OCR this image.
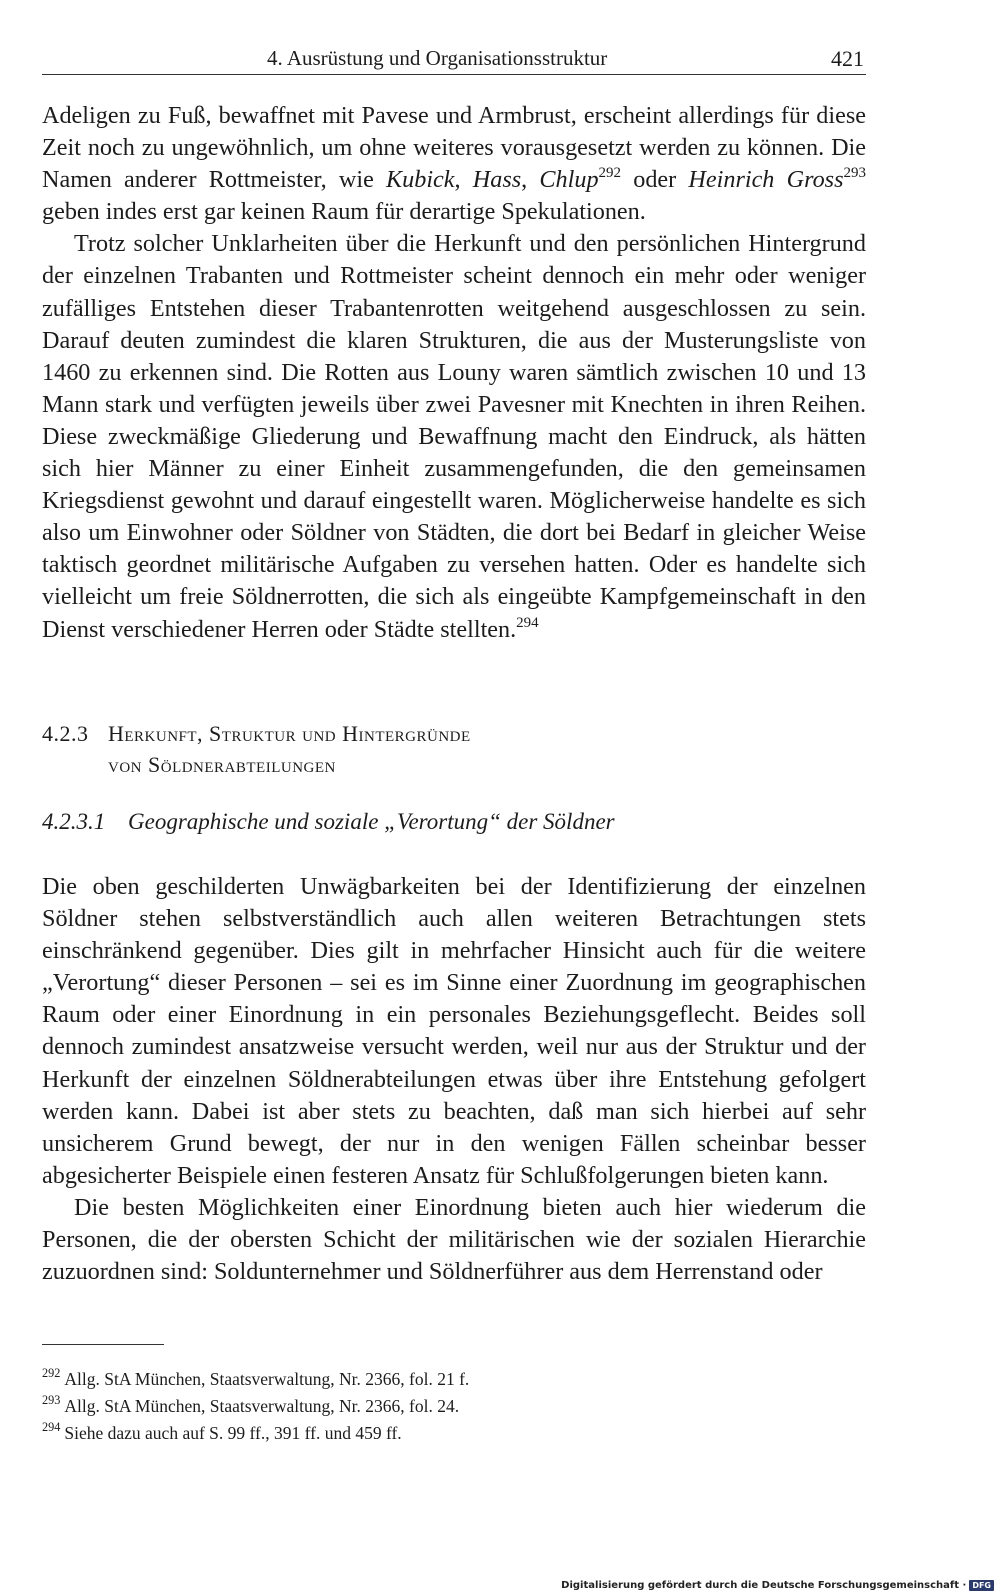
4. Ausrüstung und Organisationsstruktur	421

Adeligen zu Fuß, bewaffnet mit Pavese und Armbrust, erscheint allerdings für diese Zeit noch zu ungewöhnlich, um ohne weiteres vorausgesetzt werden zu können. Die Namen anderer Rottmeister, wie Kubick, Hass, Chlup$^{292}$ oder Heinrich Gross$^{293}$ geben indes erst gar keinen Raum für derartige Spekulationen.

Trotz solcher Unklarheiten über die Herkunft und den persönlichen Hintergrund der einzelnen Trabanten und Rottmeister scheint dennoch ein mehr oder weniger zufälliges Entstehen dieser Trabantenrotten weitgehend ausgeschlossen zu sein. Darauf deuten zumindest die klaren Strukturen, die aus der Musterungsliste von 1460 zu erkennen sind. Die Rotten aus Louny waren sämtlich zwischen 10 und 13 Mann stark und verfügten jeweils über zwei Pavesner mit Knechten in ihren Reihen. Diese zweckmäßige Gliederung und Bewaffnung macht den Eindruck, als hätten sich hier Männer zu einer Einheit zusammengefunden, die den gemeinsamen Kriegsdienst gewohnt und darauf eingestellt waren. Möglicherweise handelte es sich also um Einwohner oder Söldner von Städten, die dort bei Bedarf in gleicher Weise taktisch geordnet militärische Aufgaben zu versehen hatten. Oder es handelte sich vielleicht um freie Söldnerrotten, die sich als eingeübte Kampfgemeinschaft in den Dienst verschiedener Herren oder Städte stellten.$^{294}$

4.2.3 Herkunft, Struktur und Hintergründe
von Söldnerabteilungen
4.2.3.1 Geographische und soziale „Verortung“ der Söldner

Die oben geschilderten Unwägbarkeiten bei der Identifizierung der einzelnen Söldner stehen selbstverständlich auch allen weiteren Betrachtungen stets einschränkend gegenüber. Dies gilt in mehrfacher Hinsicht auch für die weitere „Verortung“ dieser Personen – sei es im Sinne einer Zuordnung im geographischen Raum oder einer Einordnung in ein personales Beziehungsgeflecht. Beides soll dennoch zumindest ansatzweise versucht werden, weil nur aus der Struktur und der Herkunft der einzelnen Söldnerabteilungen etwas über ihre Entstehung gefolgert werden kann. Dabei ist aber stets zu beachten, daß man sich hierbei auf sehr unsicherem Grund bewegt, der nur in den wenigen Fällen scheinbar besser abgesicherter Beispiele einen festeren Ansatz für Schlußfolgerungen bieten kann.

Die besten Möglichkeiten einer Einordnung bieten auch hier wiederum die Personen, die der obersten Schicht der militärischen wie der sozialen Hierarchie zuzuordnen sind: Soldunternehmer und Söldnerführer aus dem Herrenstand oder

$^{292}$ Allg. StA München, Staatsverwaltung, Nr. 2366, fol. 21 f.

$^{293}$ Allg. StA München, Staatsverwaltung, Nr. 2366, fol. 24.

$^{294}$ Siehe dazu auch auf S. 99 ff., 391 ff. und 459 ff.

Digitalisierung gefördert durch die Deutsche Forschungsgemeinschaft · DFG
